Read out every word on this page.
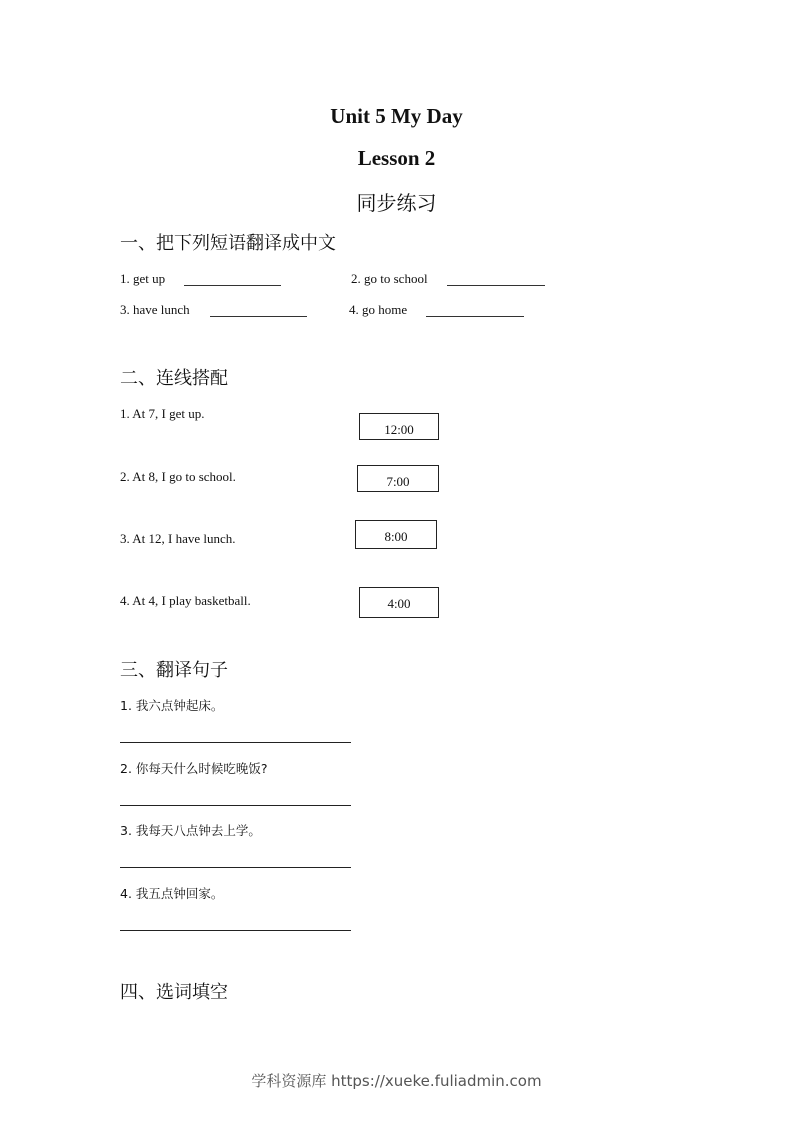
Unit 5 My Day
Lesson 2
同步练习
一、把下列短语翻译成中文
1. get up	2. go to school
3. have lunch	4. go home
二、连线搭配
1. At 7, I get up.
2. At 8, I go to school.
3. At 12, I have lunch.
4. At 4, I play basketball.
12:00
7:00
8:00
4:00
三、翻译句子
1. 我六点钟起床。
2. 你每天什么时候吃晚饭?
3. 我每天八点钟去上学。
4. 我五点钟回家。
四、选词填空
学科资源库 https://xueke.fuliadmin.com
